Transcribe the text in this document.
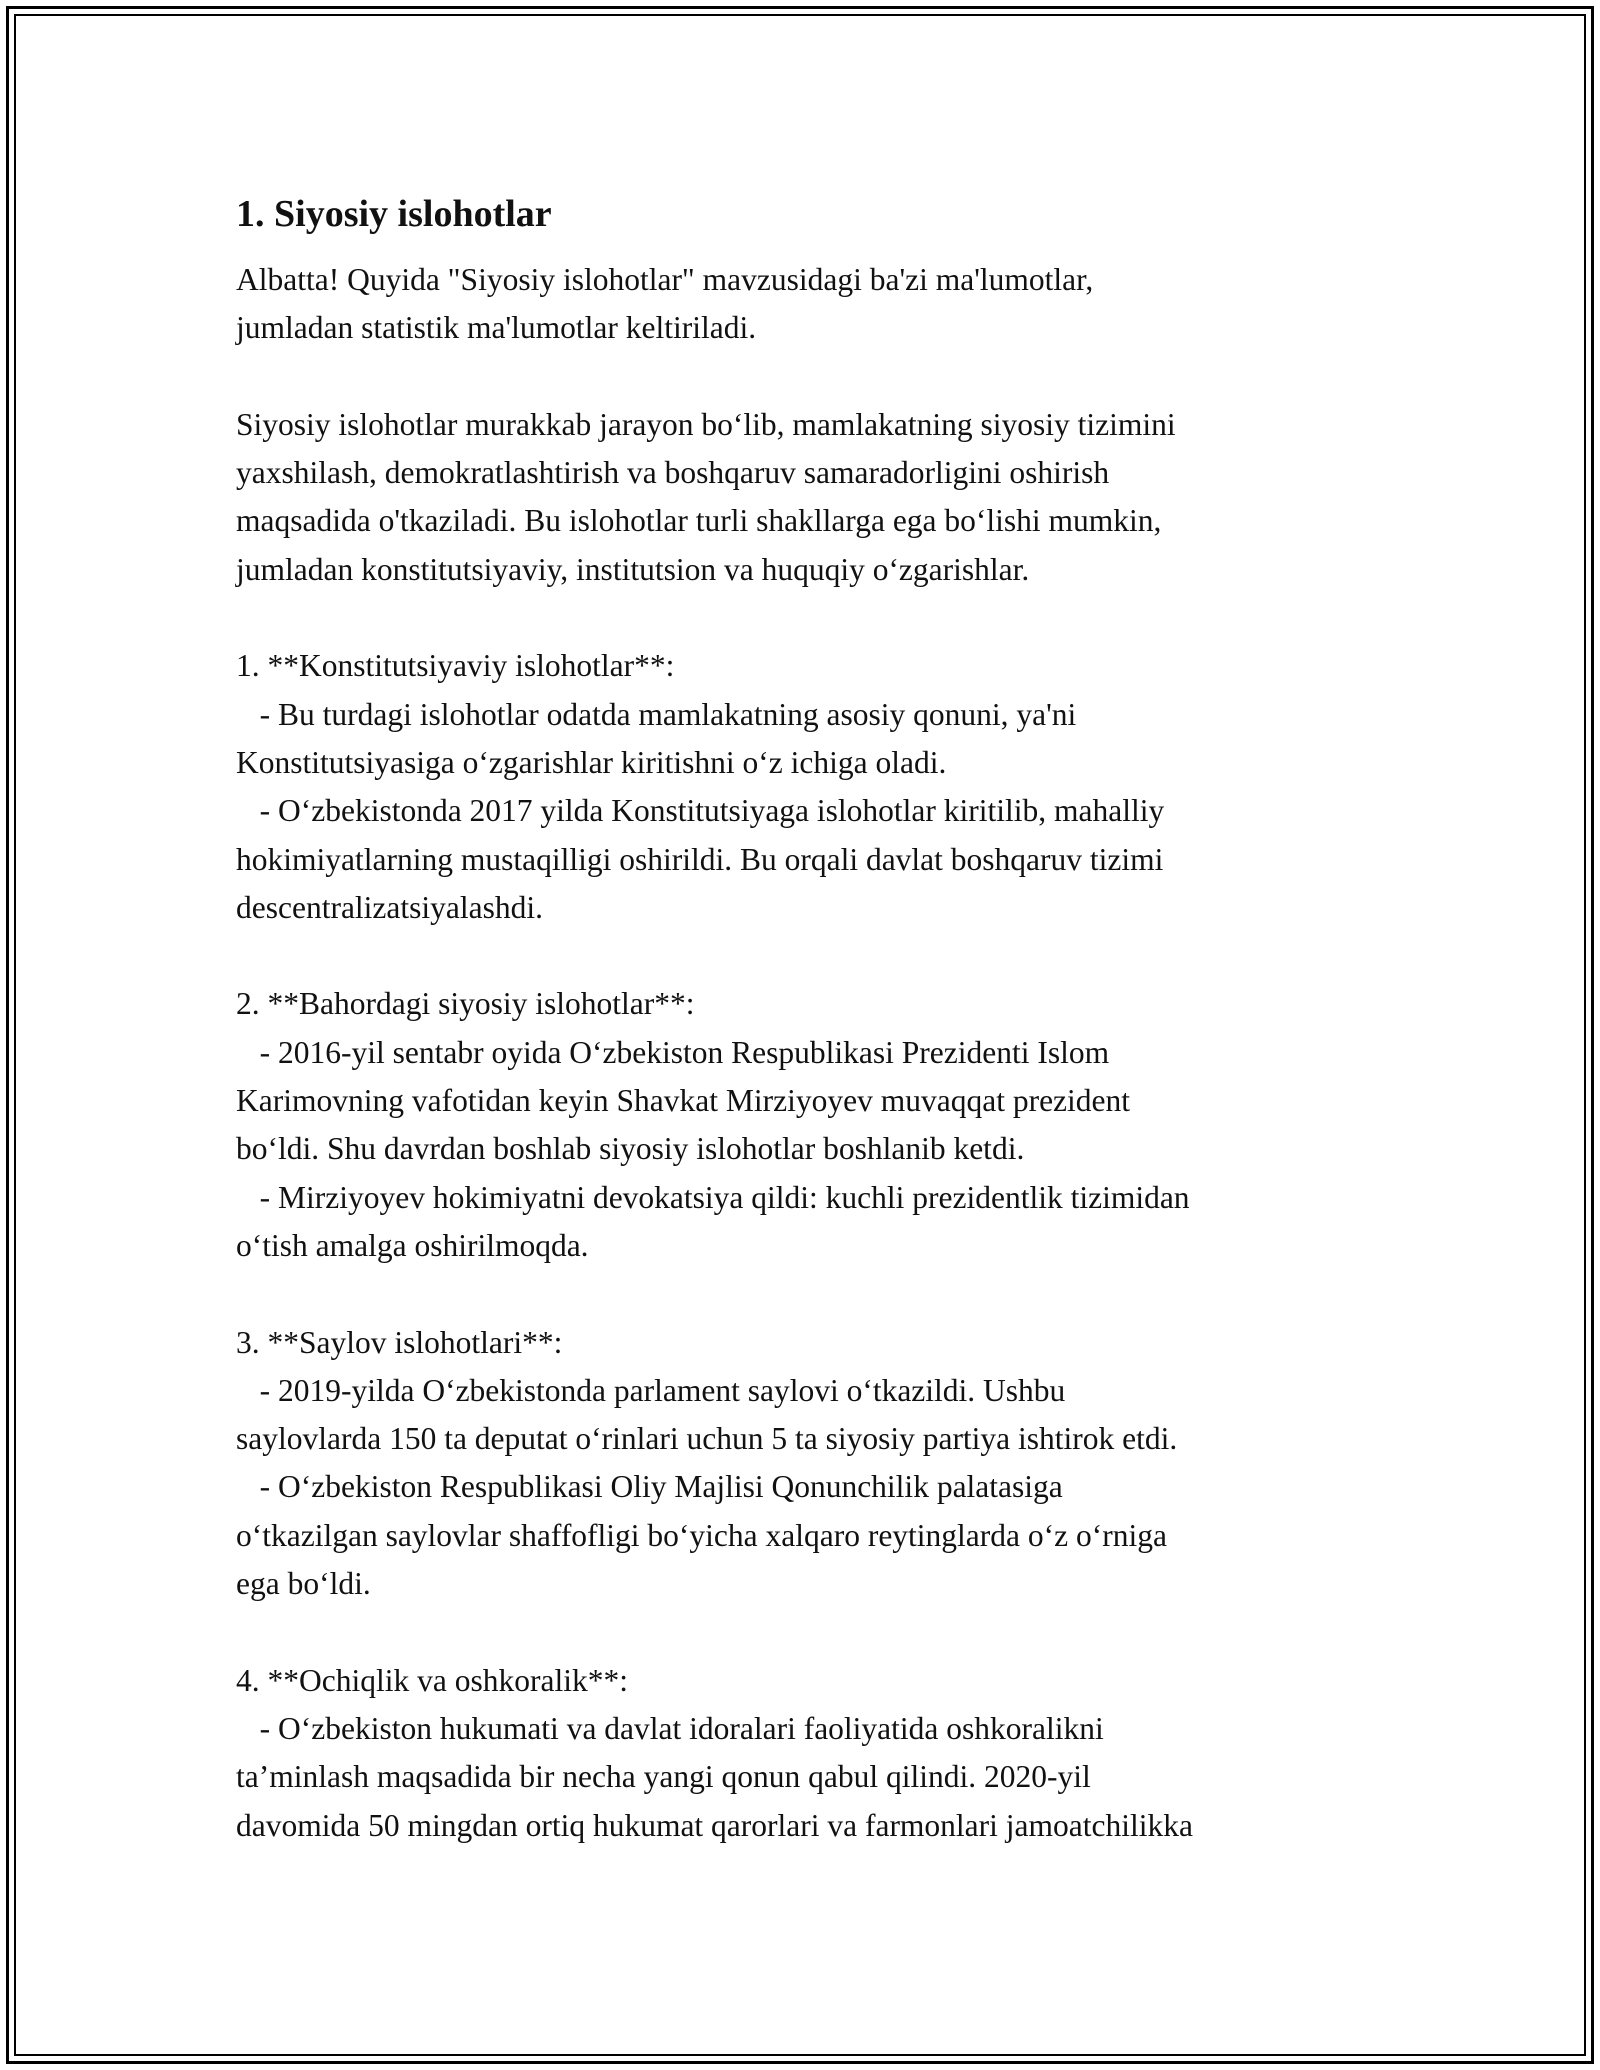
1. Siyosiy islohotlar
Albatta! Quyida "Siyosiy islohotlar" mavzusidagi ba'zi ma'lumotlar,
jumladan statistik ma'lumotlar keltiriladi.
Siyosiy islohotlar murakkab jarayon bo‘lib, mamlakatning siyosiy tizimini
yaxshilash, demokratlashtirish va boshqaruv samaradorligini oshirish
maqsadida o'tkaziladi. Bu islohotlar turli shakllarga ega bo‘lishi mumkin,
jumladan konstitutsiyaviy, institutsion va huquqiy o‘zgarishlar.
1. **Konstitutsiyaviy islohotlar**:
- Bu turdagi islohotlar odatda mamlakatning asosiy qonuni, ya'ni
Konstitutsiyasiga o‘zgarishlar kiritishni o‘z ichiga oladi.
- O‘zbekistonda 2017 yilda Konstitutsiyaga islohotlar kiritilib, mahalliy
hokimiyatlarning mustaqilligi oshirildi. Bu orqali davlat boshqaruv tizimi
descentralizatsiyalashdi.
2. **Bahordagi siyosiy islohotlar**:
- 2016-yil sentabr oyida O‘zbekiston Respublikasi Prezidenti Islom
Karimovning vafotidan keyin Shavkat Mirziyoyev muvaqqat prezident
bo‘ldi. Shu davrdan boshlab siyosiy islohotlar boshlanib ketdi.
- Mirziyoyev hokimiyatni devokatsiya qildi: kuchli prezidentlik tizimidan
o‘tish amalga oshirilmoqda.
3. **Saylov islohotlari**:
- 2019-yilda O‘zbekistonda parlament saylovi o‘tkazildi. Ushbu
saylovlarda 150 ta deputat o‘rinlari uchun 5 ta siyosiy partiya ishtirok etdi.
- O‘zbekiston Respublikasi Oliy Majlisi Qonunchilik palatasiga
o‘tkazilgan saylovlar shaffofligi bo‘yicha xalqaro reytinglarda o‘z o‘rniga
ega bo‘ldi.
4. **Ochiqlik va oshkoralik**:
- O‘zbekiston hukumati va davlat idoralari faoliyatida oshkoralikni
ta’minlash maqsadida bir necha yangi qonun qabul qilindi. 2020-yil
davomida 50 mingdan ortiq hukumat qarorlari va farmonlari jamoatchilikka
